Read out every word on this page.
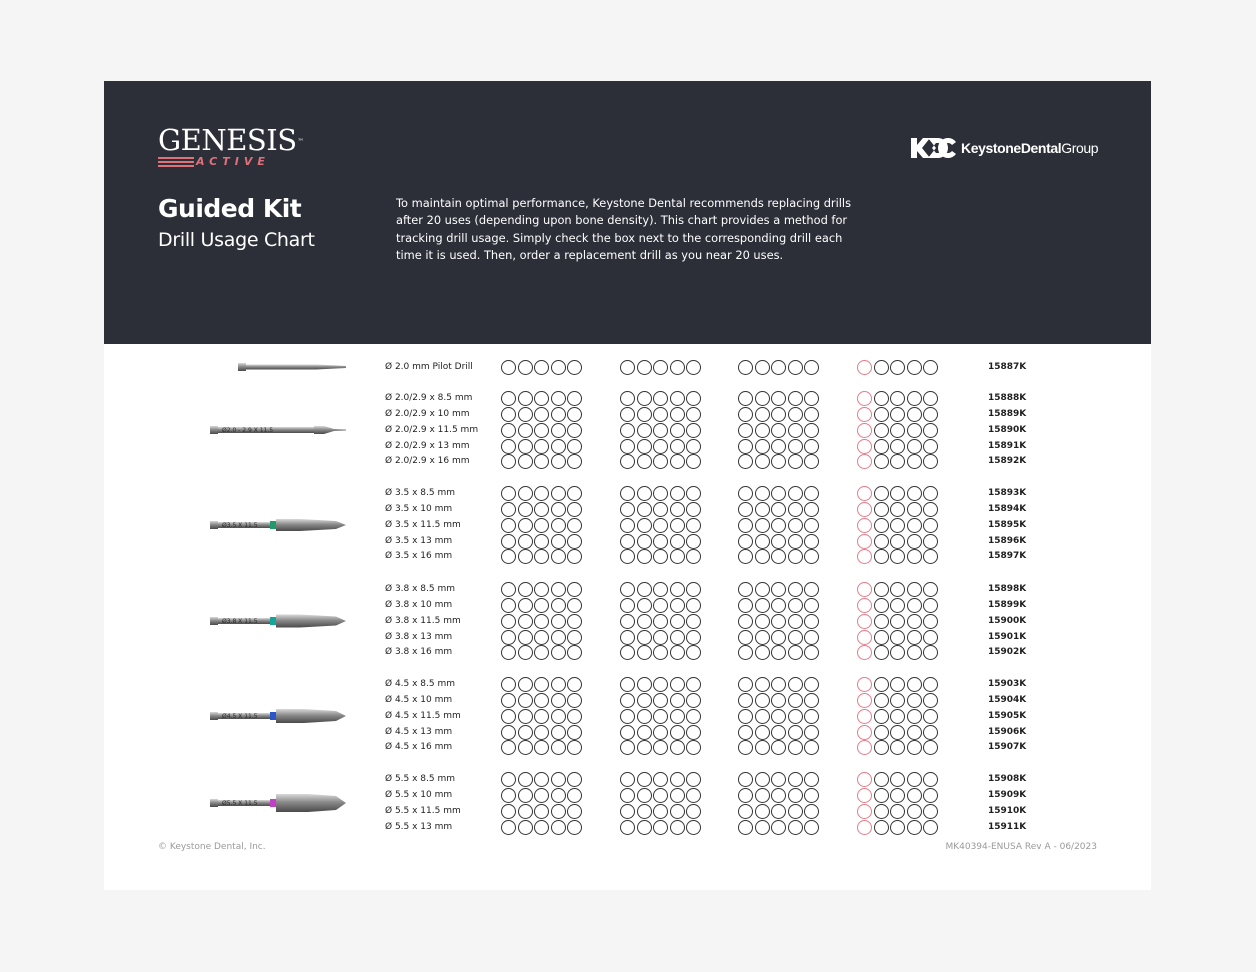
GENESIS ™
ACTIVE
Guided Kit
Drill Usage Chart
To maintain optimal performance, Keystone Dental recommends replacing drills after 20 uses (depending upon bone density). This chart provides a method for tracking drill usage. Simply check the box next to the corresponding drill each time it is used. Then, order a replacement drill as you near 20 uses.
KeystoneDentalGroup
Ø 2.0 mm Pilot Drill	15887K
Ø2.0 - 2.9 X 11.5
Ø 2.0/2.9 x 8.5 mm	15888K
Ø 2.0/2.9 x 10 mm	15889K
Ø 2.0/2.9 x 11.5 mm	15890K
Ø 2.0/2.9 x 13 mm	15891K
Ø 2.0/2.9 x 16 mm	15892K
Ø3.5 X 11.5
Ø 3.5 x 8.5 mm	15893K
Ø 3.5 x 10 mm	15894K
Ø 3.5 x 11.5 mm	15895K
Ø 3.5 x 13 mm	15896K
Ø 3.5 x 16 mm	15897K
Ø3.8 X 11.5
Ø 3.8 x 8.5 mm	15898K
Ø 3.8 x 10 mm	15899K
Ø 3.8 x 11.5 mm	15900K
Ø 3.8 x 13 mm	15901K
Ø 3.8 x 16 mm	15902K
Ø4.5 X 11.5
Ø 4.5 x 8.5 mm	15903K
Ø 4.5 x 10 mm	15904K
Ø 4.5 x 11.5 mm	15905K
Ø 4.5 x 13 mm	15906K
Ø 4.5 x 16 mm	15907K
Ø5.5 X 11.5
Ø 5.5 x 8.5 mm	15908K
Ø 5.5 x 10 mm	15909K
Ø 5.5 x 11.5 mm	15910K
Ø 5.5 x 13 mm	15911K
© Keystone Dental, Inc.	MK40394-ENUSA Rev A - 06/2023
